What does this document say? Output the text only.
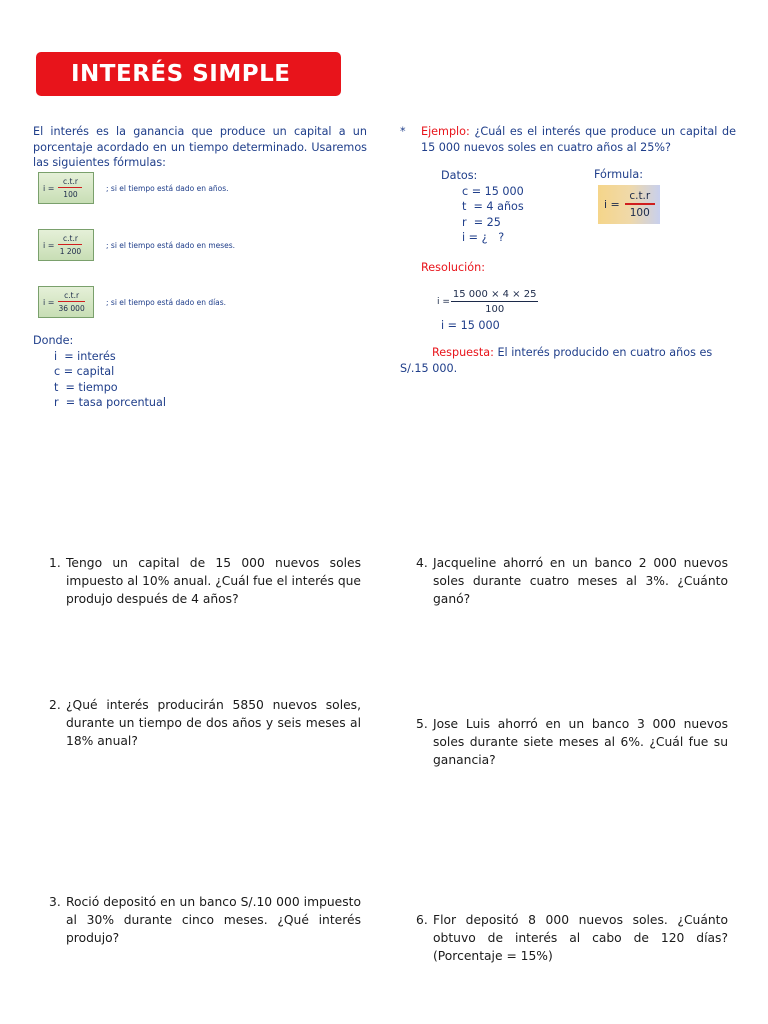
INTERÉS SIMPLE
El interés es la ganancia que produce un capital a un porcentaje acordado en un tiempo determinado. Usaremos las siguientes fórmulas:
$i = \frac{c.t.r}{100}$	; si el tiempo está dado en años.
$i = \frac{c.t.r}{1 200}$	; si el tiempo está dado en meses.
$i = \frac{c.t.r}{36 000}$	; si el tiempo está dado en días.
Donde:
i  = interés
c = capital
t  = tiempo
r  = tasa porcentual
*	Ejemplo: ¿Cuál es el interés que produce un capital de 15 000 nuevos soles en cuatro años al 25%?
Datos:
c = 15 000
t  = 4 años
r  = 25
i = ¿   ?
Fórmula:
$i = \frac{c.t.r}{100}$
Resolución:
$i = \frac{15 000 \times 4 \times 25}{100}$
i = 15 000
Respuesta: El interés producido en cuatro años es S/.15 000.
1. Tengo un capital de 15 000 nuevos soles impuesto al 10% anual. ¿Cuál fue el interés que produjo después de 4 años?
2. ¿Qué interés producirán 5850 nuevos soles, durante un tiempo de dos años y seis meses al 18% anual?
3. Roció depositó en un banco S/.10 000 impuesto al 30% durante cinco meses. ¿Qué interés produjo?
4. Jacqueline ahorró en un banco 2 000 nuevos soles durante cuatro meses al 3%. ¿Cuánto ganó?
5. Jose Luis ahorró en un banco 3 000 nuevos soles durante siete meses al 6%. ¿Cuál fue su ganancia?
6. Flor depositó 8 000 nuevos soles. ¿Cuánto obtuvo de interés al cabo de 120 días? (Porcentaje = 15%)
